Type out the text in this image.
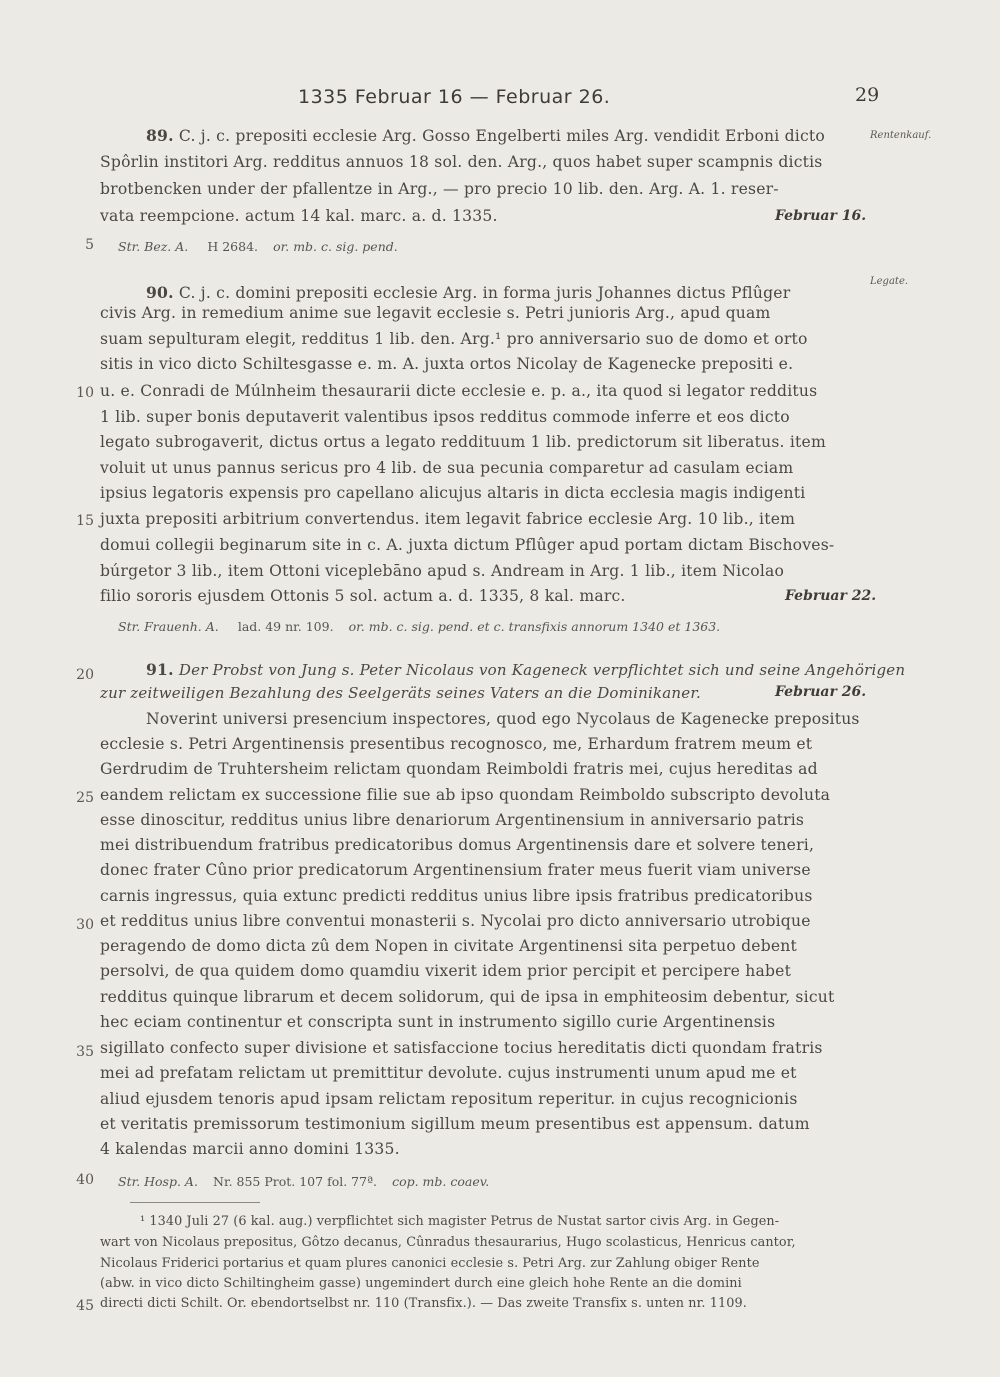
1335 Februar 16 — Februar 26.	29
Rentenkauf.
89. C. j. c. prepositi ecclesie Arg. Gosso Engelberti miles Arg. vendidit Erboni dicto
Spôrlin institori Arg. redditus annuos 18 sol. den. Arg., quos habet super scampnis dictis
brotbencken under der pfallentze in Arg., — pro precio 10 lib. den. Arg. A. 1. reser-
vata reempcione. actum 14 kal. marc. a. d. 1335.	Februar 16.
5 Str. Bez. A. H 2684. or. mb. c. sig. pend.
Legate.
90. C. j. c. domini prepositi ecclesie Arg. in forma juris Johannes dictus Pflûger
civis Arg. in remedium anime sue legavit ecclesie s. Petri junioris Arg., apud quam
suam sepulturam elegit, redditus 1 lib. den. Arg.¹ pro anniversario suo de domo et orto
sitis in vico dicto Schiltesgasse e. m. A. juxta ortos Nicolay de Kagenecke prepositi e.
10 u. e. Conradi de Múlnheim thesaurarii dicte ecclesie e. p. a., ita quod si legator redditus
1 lib. super bonis deputaverit valentibus ipsos redditus commode inferre et eos dicto
legato subrogaverit, dictus ortus a legato reddituum 1 lib. predictorum sit liberatus. item
voluit ut unus pannus sericus pro 4 lib. de sua pecunia comparetur ad casulam eciam
ipsius legatoris expensis pro capellano alicujus altaris in dicta ecclesia magis indigenti
15 juxta prepositi arbitrium convertendus. item legavit fabrice ecclesie Arg. 10 lib., item
domui collegii beginarum site in c. A. juxta dictum Pflûger apud portam dictam Bischoves-
búrgetor 3 lib., item Ottoni viceplebāno apud s. Andream in Arg. 1 lib., item Nicolao
filio sororis ejusdem Ottonis 5 sol. actum a. d. 1335, 8 kal. marc.	Februar 22.
Str. Frauenh. A. lad. 49 nr. 109. or. mb. c. sig. pend. et c. transfixis annorum 1340 et 1363.
20	91. Der Probst von Jung s. Peter Nicolaus von Kageneck verpflichtet sich und seine Angehörigen
zur zeitweiligen Bezahlung des Seelgeräts seines Vaters an die Dominikaner.	Februar 26.
Noverint universi presencium inspectores, quod ego Nycolaus de Kagenecke prepositus
ecclesie s. Petri Argentinensis presentibus recognosco, me, Erhardum fratrem meum et
Gerdrudim de Truhtersheim relictam quondam Reimboldi fratris mei, cujus hereditas ad
25 eandem relictam ex successione filie sue ab ipso quondam Reimboldo subscripto devoluta
esse dinoscitur, redditus unius libre denariorum Argentinensium in anniversario patris
mei distribuendum fratribus predicatoribus domus Argentinensis dare et solvere teneri,
donec frater Cûno prior predicatorum Argentinensium frater meus fuerit viam universe
carnis ingressus, quia extunc predicti redditus unius libre ipsis fratribus predicatoribus
30 et redditus unius libre conventui monasterii s. Nycolai pro dicto anniversario utrobique
peragendo de domo dicta zû dem Nopen in civitate Argentinensi sita perpetuo debent
persolvi, de qua quidem domo quamdiu vixerit idem prior percipit et percipere habet
redditus quinque librarum et decem solidorum, qui de ipsa in emphiteosim debentur, sicut
hec eciam continentur et conscripta sunt in instrumento sigillo curie Argentinensis
35 sigillato confecto super divisione et satisfaccione tocius hereditatis dicti quondam fratris
mei ad prefatam relictam ut premittitur devolute. cujus instrumenti unum apud me et
aliud ejusdem tenoris apud ipsam relictam repositum reperitur. in cujus recognicionis
et veritatis premissorum testimonium sigillum meum presentibus est appensum. datum
4 kalendas marcii anno domini 1335.
40 Str. Hosp. A. Nr. 855 Prot. 107 fol. 77ª. cop. mb. coaev.
¹ 1340 Juli 27 (6 kal. aug.) verpflichtet sich magister Petrus de Nustat sartor civis Arg. in Gegen-
wart von Nicolaus prepositus, Gôtzo decanus, Cûnradus thesaurarius, Hugo scolasticus, Henricus cantor,
Nicolaus Friderici portarius et quam plures canonici ecclesie s. Petri Arg. zur Zahlung obiger Rente
(abw. in vico dicto Schiltingheim gasse) ungemindert durch eine gleich hohe Rente an die domini
45 directi dicti Schilt. Or. ebendortselbst nr. 110 (Transfix.). — Das zweite Transfix s. unten nr. 1109.
